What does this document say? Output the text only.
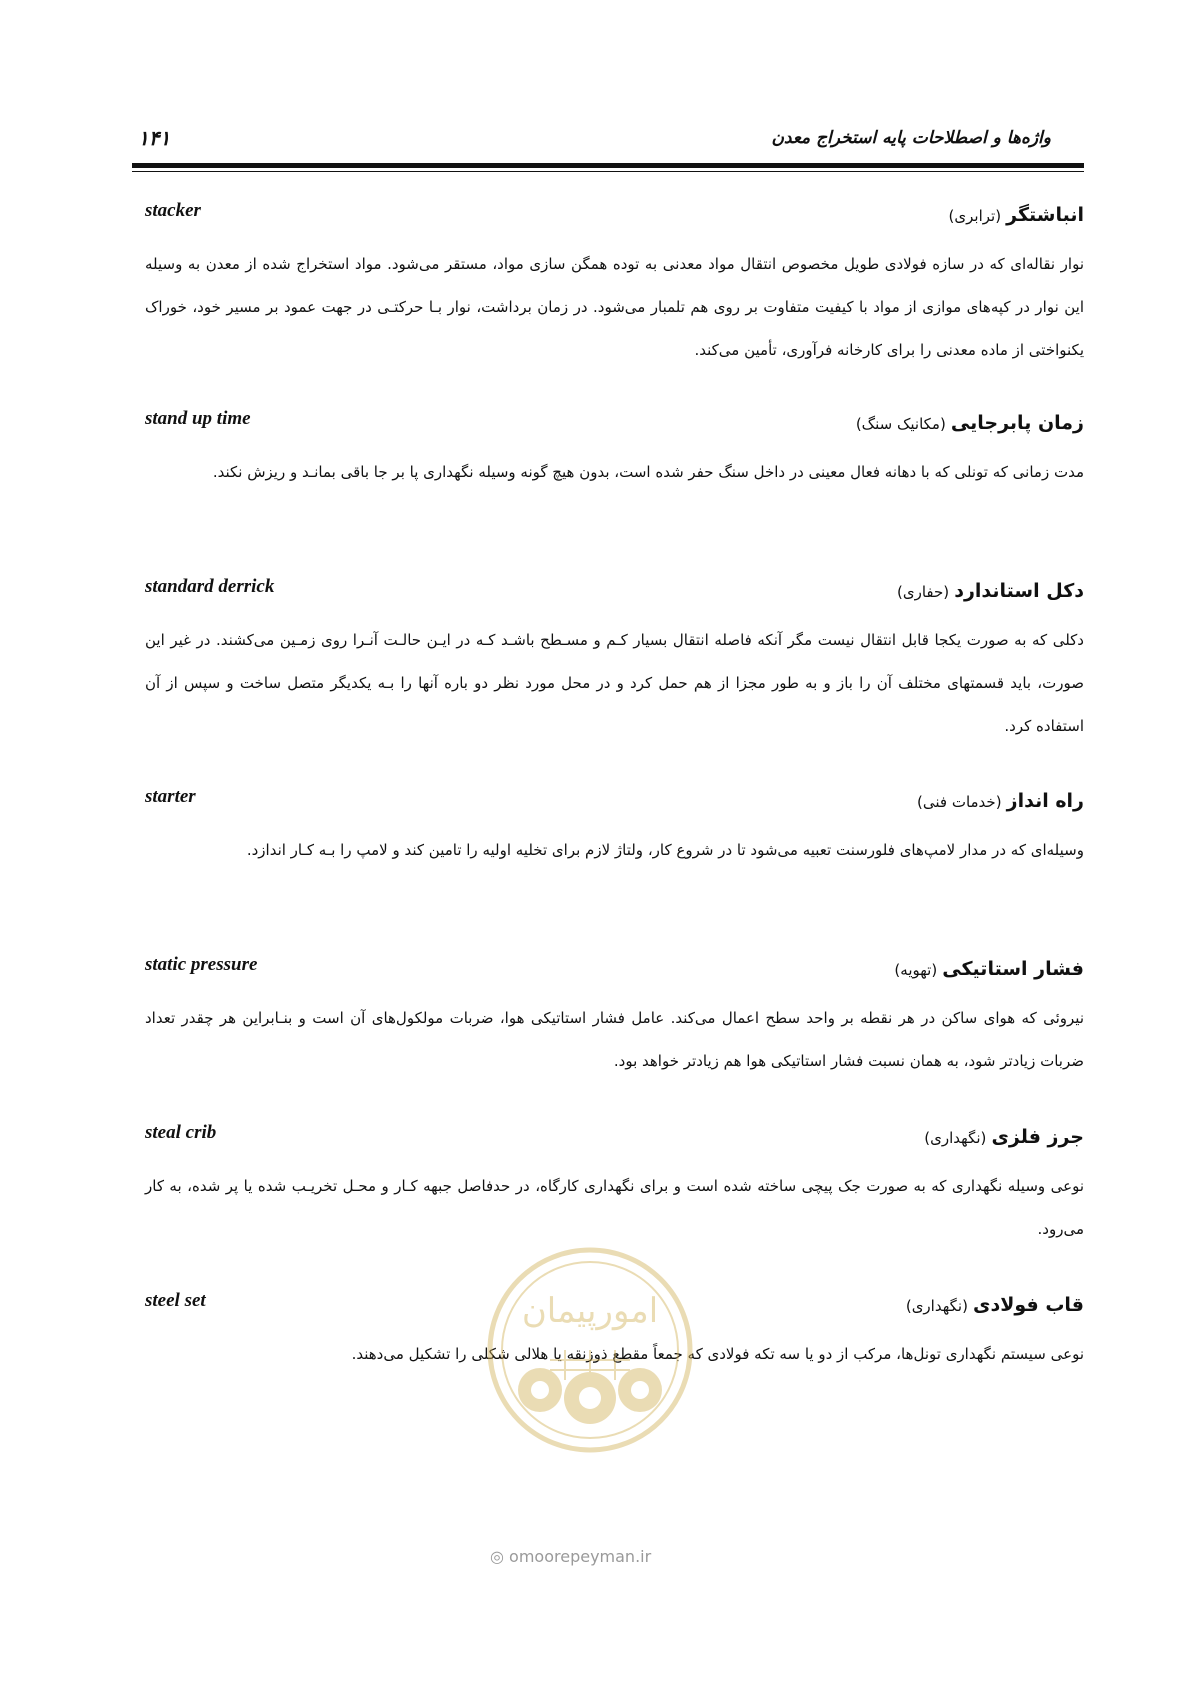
واژه‌ها و اصطلاحات پایه استخراج معدن
۱۴۱
stacker	انباشتگر (ترابری)
نوار نقاله‌ای که در سازه فولادی طویل مخصوص انتقال مواد معدنی به توده همگن سازی مواد، مستقر می‌شود. مواد استخراج شده از معدن به وسیله این نوار در کپه‌های موازی از مواد با کیفیت متفاوت بر روی هم تلمبار می‌شود. در زمان برداشت، نوار بـا حرکتـی در جهت عمود بر مسیر خود، خوراک یکنواختی از ماده معدنی را برای کارخانه فرآوری، تأمین می‌کند.
stand up time	زمان پابرجایی (مکانیک سنگ)
مدت زمانی که تونلی که با دهانه فعال معینی در داخل سنگ حفر شده است، بدون هیچ گونه وسیله نگهداری پا بر جا باقی بمانـد و ریزش نکند.
standard derrick	دکل استاندارد (حفاری)
دکلی که به صورت یکجا قابل انتقال نیست مگر آنکه فاصله انتقال بسیار کـم و مسـطح باشـد کـه در ایـن حالـت آنـرا روی زمـین می‌کشند. در غیر این صورت، باید قسمتهای مختلف آن را باز و به طور مجزا از هم حمل کرد و در محل مورد نظر دو باره آنها را بـه یکدیگر متصل ساخت و سپس از آن استفاده کرد.
starter	راه انداز (خدمات فنی)
وسیله‌ای که در مدار لامپ‌های فلورسنت تعبیه می‌شود تا در شروع کار، ولتاژ لازم برای تخلیه اولیه را تامین کند و لامپ را بـه کـار اندازد.
static pressure	فشار استاتیکی (تهویه)
نیروئی که هوای ساکن در هر نقطه بر واحد سطح اعمال می‌کند. عامل فشار استاتیکی هوا، ضربات مولکول‌های آن است و بنـابراین هر چقدر تعداد ضربات زیادتر شود، به همان نسبت فشار استاتیکی هوا هم زیادتر خواهد بود.
steal crib	جرز فلزی (نگهداری)
نوعی وسیله نگهداری که به صورت جک پیچی ساخته شده است و برای نگهداری کارگاه، در حدفاصل جبهه کـار و محـل تخریـب شده یا پر شده، به کار می‌رود.
steel set	قاب فولادی (نگهداری)
نوعی سیستم نگهداری تونل‌ها، مرکب از دو یا سه تکه فولادی که جمعاً مقطع ذوزنقه یا هلالی شکلی را تشکیل می‌دهند.
امورپیمان
◎ omoorepeyman.ir
